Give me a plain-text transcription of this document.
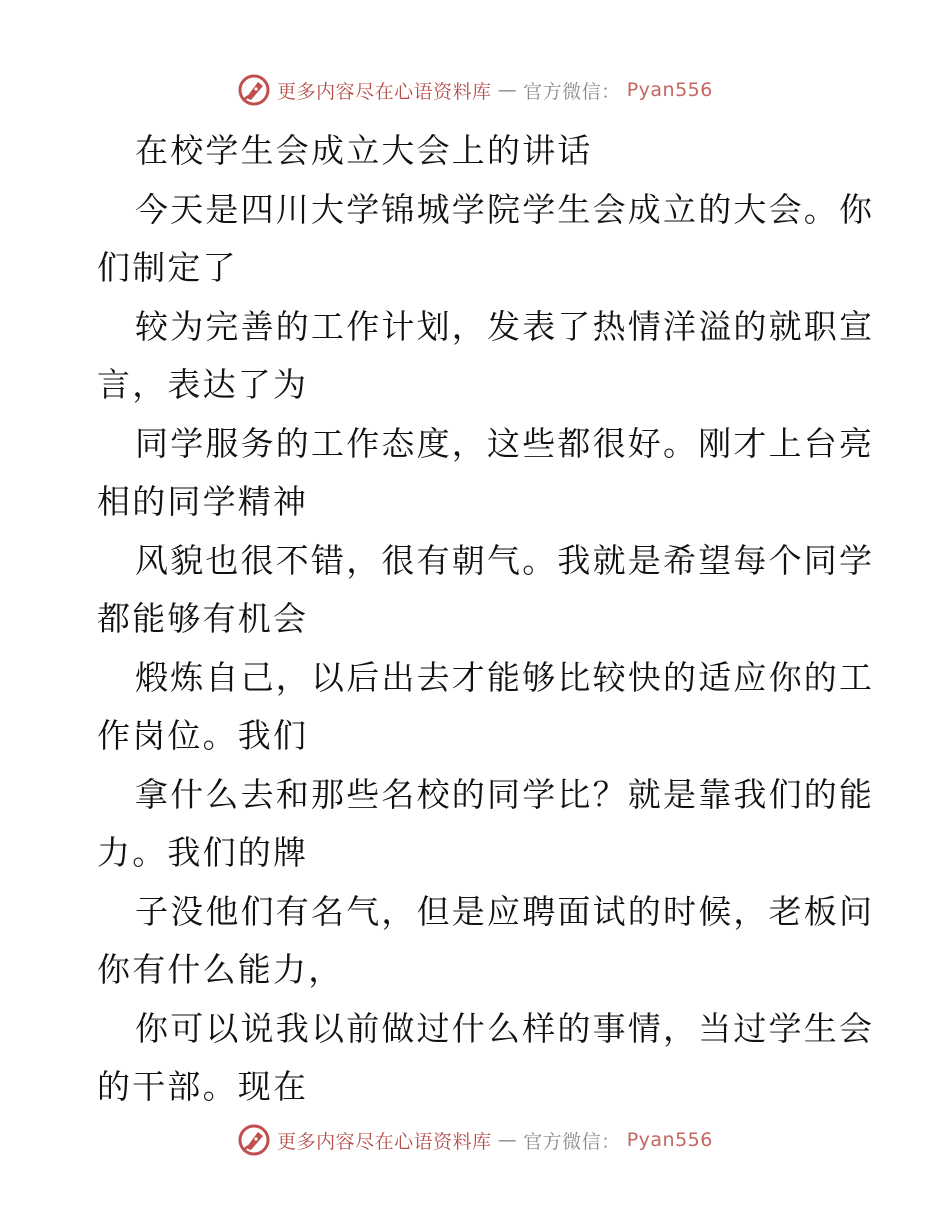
更多内容尽在心语资料库 — 官方微信： Pyan556
在校学生会成立大会上的讲话
今天是四川大学锦城学院学生会成立的大会。你
们制定了
较为完善的工作计划，发表了热情洋溢的就职宣
言，表达了为
同学服务的工作态度，这些都很好。刚才上台亮
相的同学精神
风貌也很不错，很有朝气。我就是希望每个同学
都能够有机会
煅炼自己，以后出去才能够比较快的适应你的工
作岗位。我们
拿什么去和那些名校的同学比？就是靠我们的能
力。我们的牌
子没他们有名气，但是应聘面试的时候，老板问
你有什么能力，
你可以说我以前做过什么样的事情，当过学生会
的干部。现在
更多内容尽在心语资料库 — 官方微信： Pyan556
